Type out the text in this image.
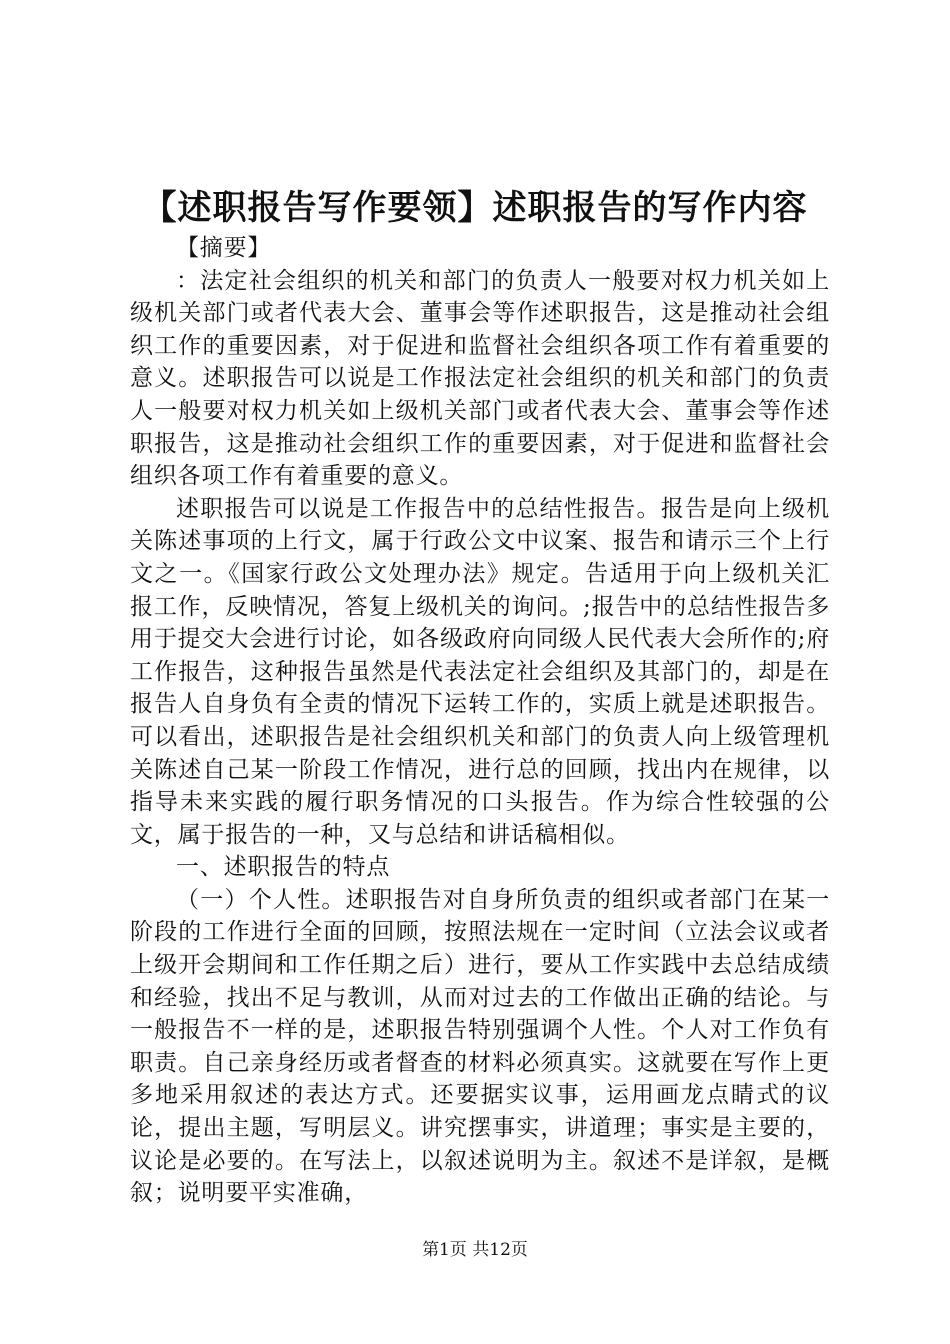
【述职报告写作要领】述职报告的写作内容

【摘要】

：法定社会组织的机关和部门的负责人一般要对权力机关如上级机关部门或者代表大会、董事会等作述职报告，这是推动社会组织工作的重要因素，对于促进和监督社会组织各项工作有着重要的意义。述职报告可以说是工作报法定社会组织的机关和部门的负责人一般要对权力机关如上级机关部门或者代表大会、董事会等作述职报告，这是推动社会组织工作的重要因素，对于促进和监督社会组织各项工作有着重要的意义。

述职报告可以说是工作报告中的总结性报告。报告是向上级机关陈述事项的上行文，属于行政公文中议案、报告和请示三个上行文之一。《国家行政公文处理办法》规定。告适用于向上级机关汇报工作，反映情况，答复上级机关的询问。;报告中的总结性报告多用于提交大会进行讨论，如各级政府向同级人民代表大会所作的;府工作报告，这种报告虽然是代表法定社会组织及其部门的，却是在报告人自身负有全责的情况下运转工作的，实质上就是述职报告。可以看出，述职报告是社会组织机关和部门的负责人向上级管理机关陈述自己某一阶段工作情况，进行总的回顾，找出内在规律，以指导未来实践的履行职务情况的口头报告。作为综合性较强的公文，属于报告的一种，又与总结和讲话稿相似。

一、述职报告的特点

（一）个人性。述职报告对自身所负责的组织或者部门在某一阶段的工作进行全面的回顾，按照法规在一定时间（立法会议或者上级开会期间和工作任期之后）进行，要从工作实践中去总结成绩和经验，找出不足与教训，从而对过去的工作做出正确的结论。与一般报告不一样的是，述职报告特别强调个人性。个人对工作负有职责。自己亲身经历或者督查的材料必须真实。这就要在写作上更多地采用叙述的表达方式。还要据实议事，运用画龙点睛式的议论，提出主题，写明层义。讲究摆事实，讲道理；事实是主要的，议论是必要的。在写法上，以叙述说明为主。叙述不是详叙，是概叙；说明要平实准确，

第1页 共12页
